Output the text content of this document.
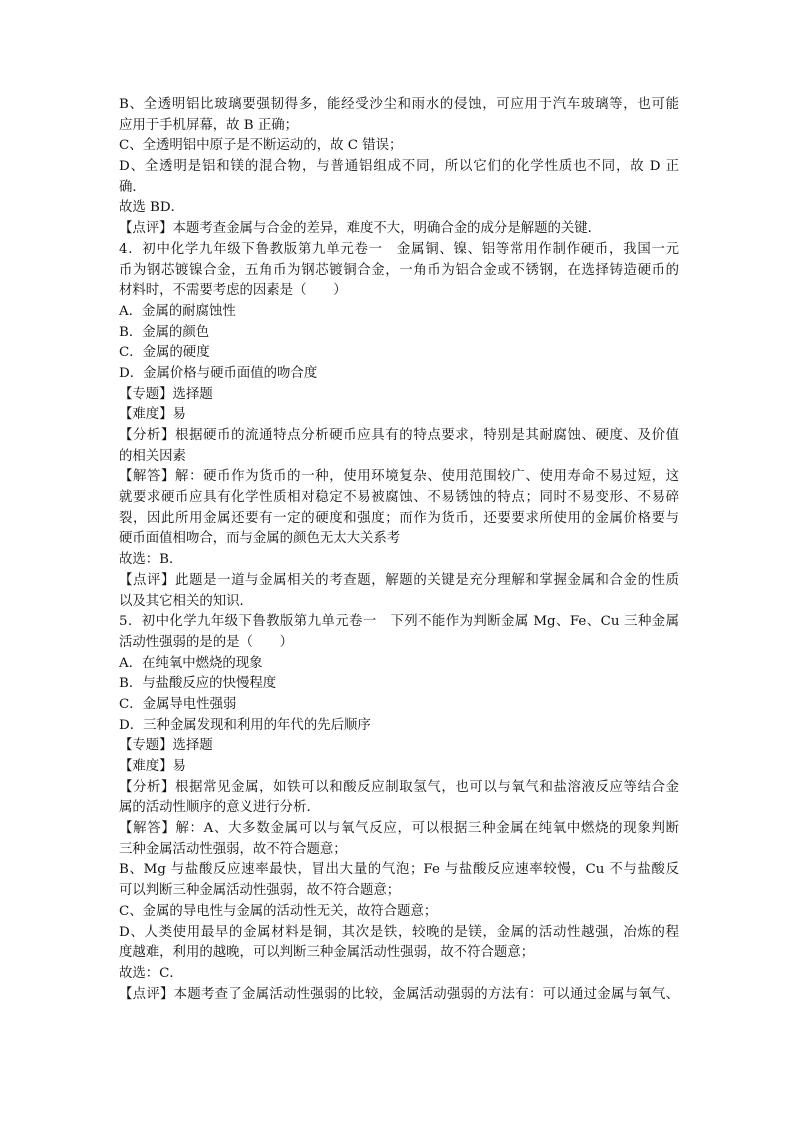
B、全透明铝比玻璃要强韧得多，能经受沙尘和雨水的侵蚀，可应用于汽车玻璃等，也可能
应用于手机屏幕，故 B 正确；
C、全透明铝中原子是不断运动的，故 C 错误；
D、全透明是铝和镁的混合物，与普通铝组成不同，所以它们的化学性质也不同，故 D 正
确．
故选 BD．
【点评】本题考查金属与合金的差异，难度不大，明确合金的成分是解题的关键．
4．初中化学九年级下鲁教版第九单元卷一　金属铜、镍、铝等常用作制作硬币，我国一元
币为钢芯镀镍合金，五角币为钢芯镀铜合金，一角币为铝合金或不锈钢，在选择铸造硬币的
材料时，不需要考虑的因素是（　　）
A．金属的耐腐蚀性
B．金属的颜色
C．金属的硬度
D．金属价格与硬币面值的吻合度
【专题】选择题
【难度】易
【分析】根据硬币的流通特点分析硬币应具有的特点要求，特别是其耐腐蚀、硬度、及价值
的相关因素
【解答】解：硬币作为货币的一种，使用环境复杂、使用范围较广、使用寿命不易过短，这
就要求硬币应具有化学性质相对稳定不易被腐蚀、不易锈蚀的特点；同时不易变形、不易碎
裂，因此所用金属还要有一定的硬度和强度；而作为货币，还要要求所使用的金属价格要与
硬币面值相吻合，而与金属的颜色无太大关系考
故选：B．
【点评】此题是一道与金属相关的考查题，解题的关键是充分理解和掌握金属和合金的性质
以及其它相关的知识．
5．初中化学九年级下鲁教版第九单元卷一　下列不能作为判断金属 Mg、Fe、Cu 三种金属
活动性强弱的是的是（　　）
A．在纯氧中燃烧的现象
B．与盐酸反应的快慢程度
C．金属导电性强弱
D．三种金属发现和利用的年代的先后顺序
【专题】选择题
【难度】易
【分析】根据常见金属，如铁可以和酸反应制取氢气，也可以与氧气和盐溶液反应等结合金
属的活动性顺序的意义进行分析．
【解答】解：A、大多数金属可以与氧气反应，可以根据三种金属在纯氧中燃烧的现象判断
三种金属活动性强弱，故不符合题意；
B、Mg 与盐酸反应速率最快，冒出大量的气泡；Fe 与盐酸反应速率较慢，Cu 不与盐酸反
可以判断三种金属活动性强弱，故不符合题意；
C、金属的导电性与金属的活动性无关，故符合题意；
D、人类使用最早的金属材料是铜，其次是铁，较晚的是镁，金属的活动性越强，冶炼的程
度越难，利用的越晚，可以判断三种金属活动性强弱，故不符合题意；
故选：C．
【点评】本题考查了金属活动性强弱的比较，金属活动强弱的方法有：可以通过金属与氧气、
